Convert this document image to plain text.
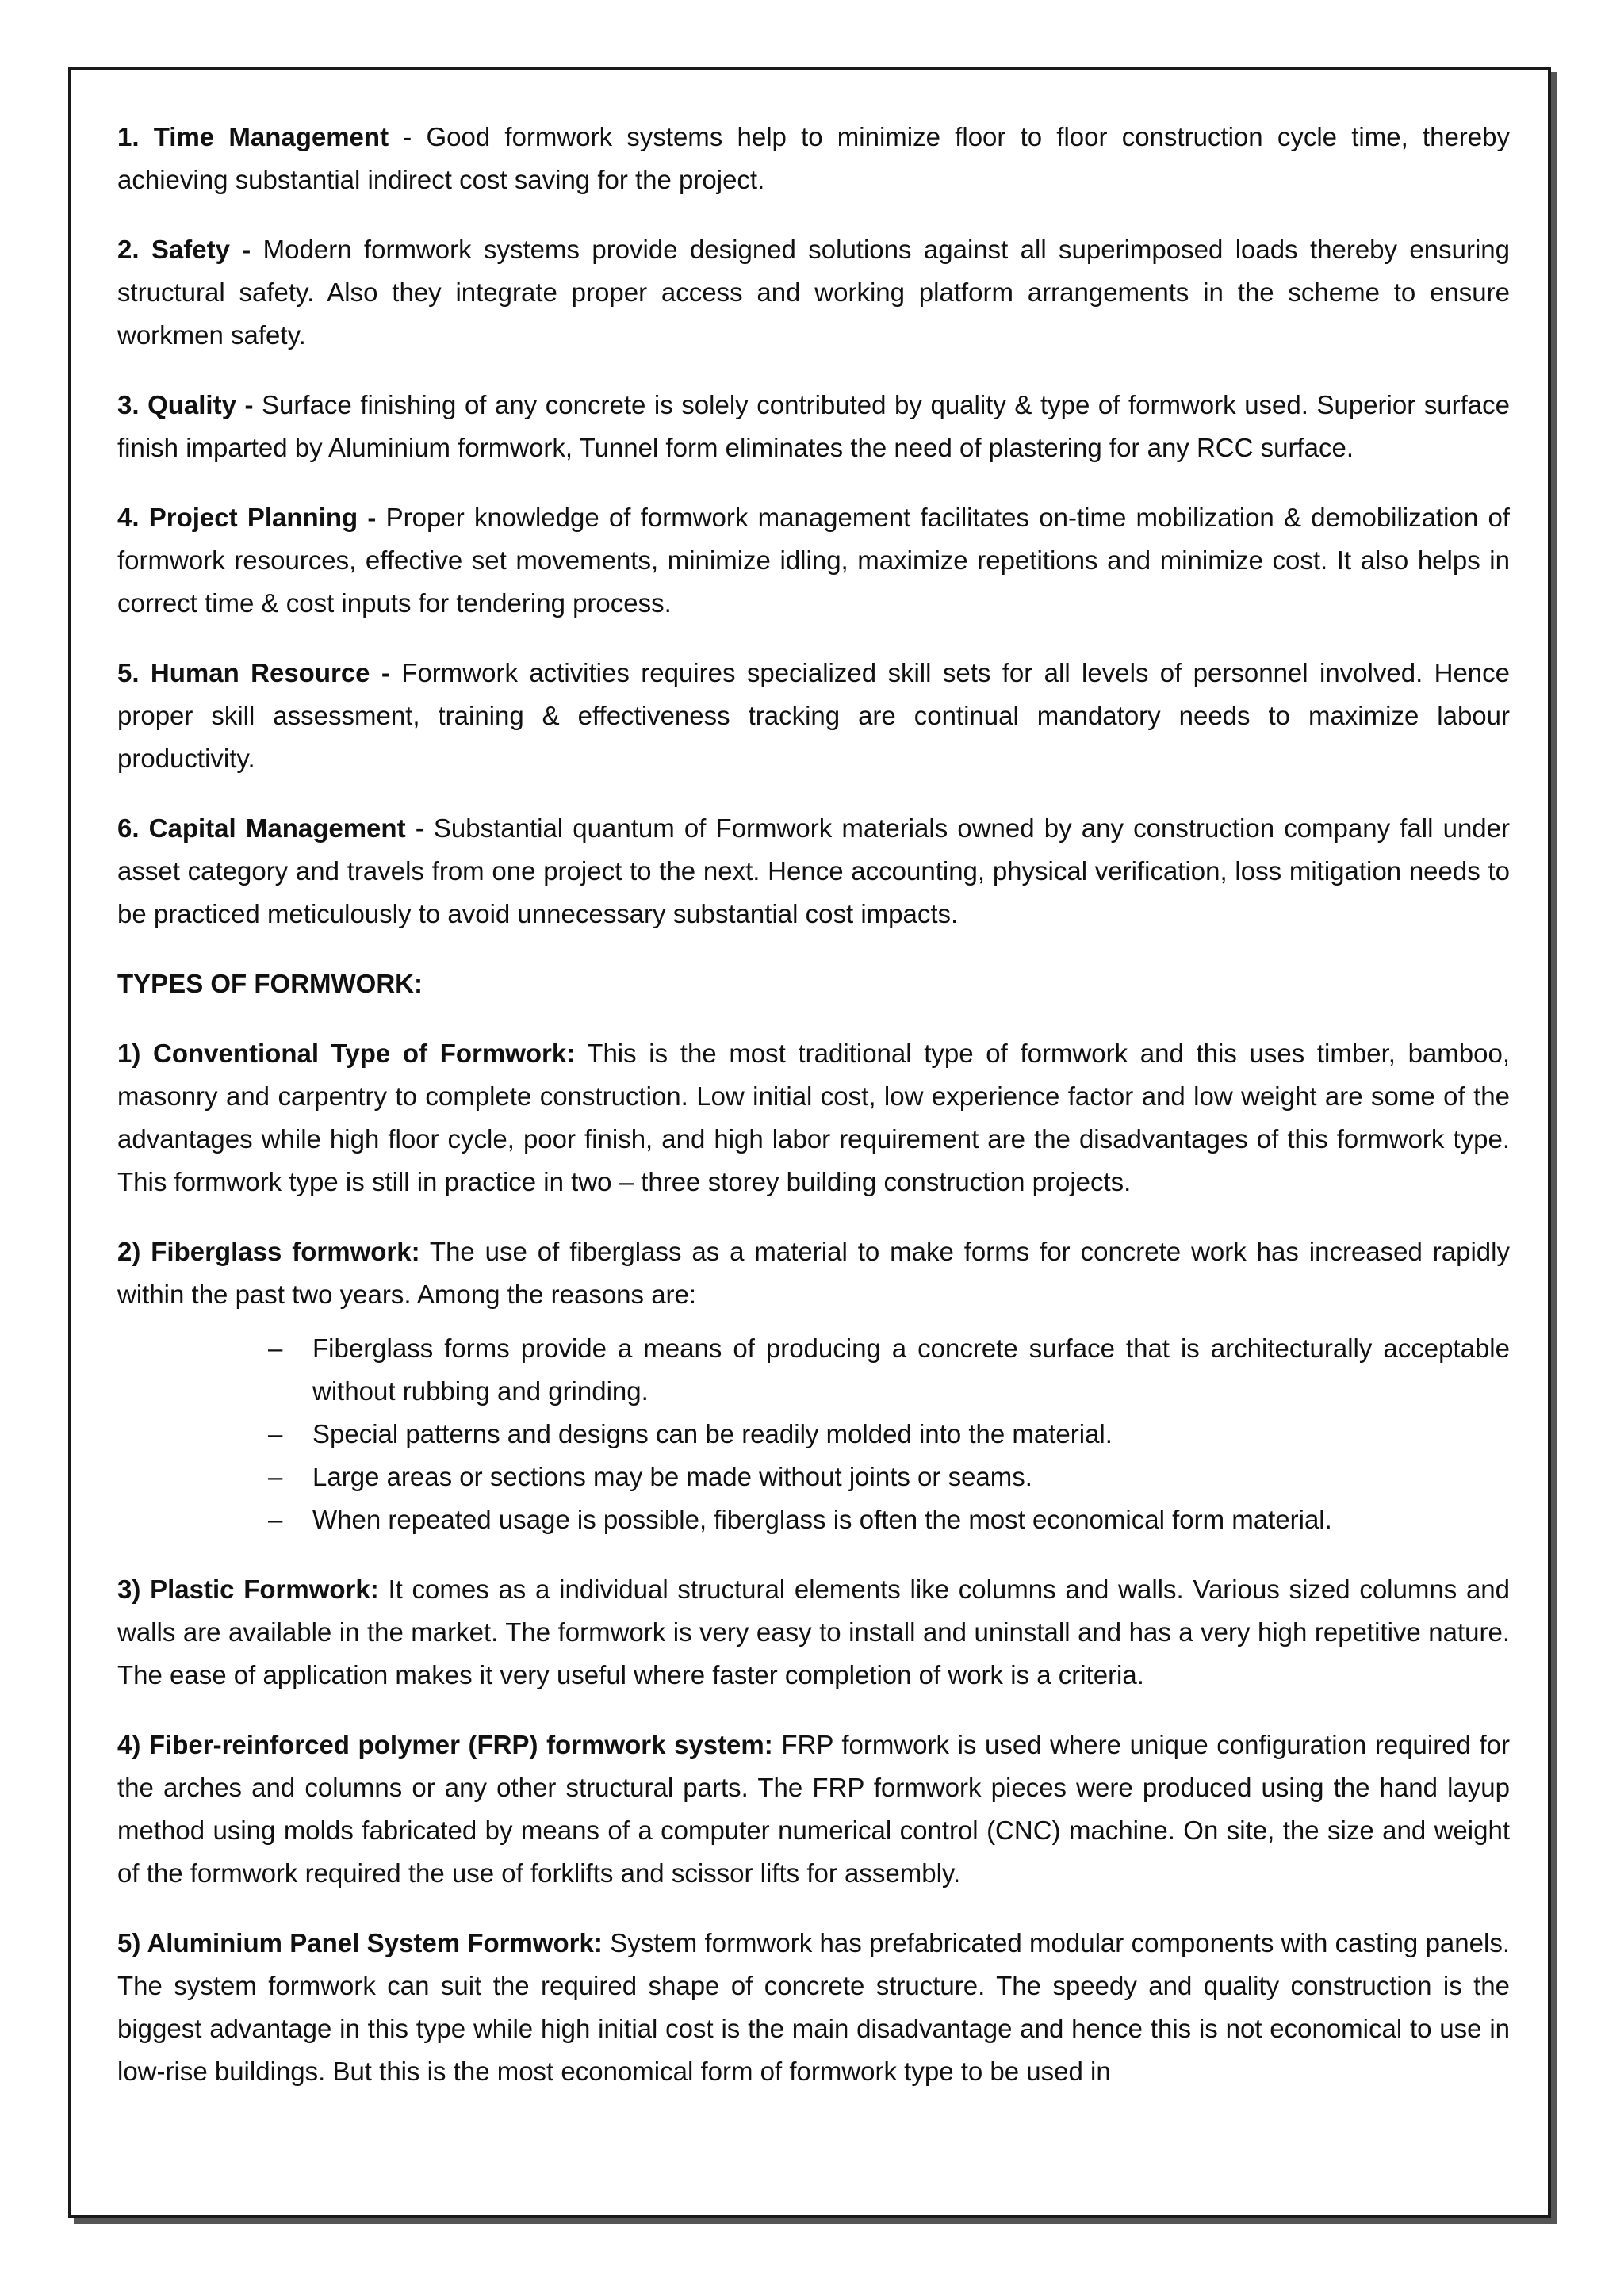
1. Time Management - Good formwork systems help to minimize floor to floor construction cycle time, thereby achieving substantial indirect cost saving for the project.

2. Safety - Modern formwork systems provide designed solutions against all superimposed loads thereby ensuring structural safety. Also they integrate proper access and working platform arrangements in the scheme to ensure workmen safety.

3. Quality - Surface finishing of any concrete is solely contributed by quality & type of formwork used. Superior surface finish imparted by Aluminium formwork, Tunnel form eliminates the need of plastering for any RCC surface.

4. Project Planning - Proper knowledge of formwork management facilitates on-time mobilization & demobilization of formwork resources, effective set movements, minimize idling, maximize repetitions and minimize cost. It also helps in correct time & cost inputs for tendering process.

5. Human Resource - Formwork activities requires specialized skill sets for all levels of personnel involved. Hence proper skill assessment, training & effectiveness tracking are continual mandatory needs to maximize labour productivity.

6. Capital Management - Substantial quantum of Formwork materials owned by any construction company fall under asset category and travels from one project to the next. Hence accounting, physical verification, loss mitigation needs to be practiced meticulously to avoid unnecessary substantial cost impacts.

TYPES OF FORMWORK:

1) Conventional Type of Formwork: This is the most traditional type of formwork and this uses timber, bamboo, masonry and carpentry to complete construction. Low initial cost, low experience factor and low weight are some of the advantages while high floor cycle, poor finish, and high labor requirement are the disadvantages of this formwork type. This formwork type is still in practice in two – three storey building construction projects.

2) Fiberglass formwork: The use of fiberglass as a material to make forms for concrete work has increased rapidly within the past two years. Among the reasons are:

– Fiberglass forms provide a means of producing a concrete surface that is architecturally acceptable without rubbing and grinding.
– Special patterns and designs can be readily molded into the material.
– Large areas or sections may be made without joints or seams.
– When repeated usage is possible, fiberglass is often the most economical form material.

3) Plastic Formwork: It comes as a individual structural elements like columns and walls. Various sized columns and walls are available in the market. The formwork is very easy to install and uninstall and has a very high repetitive nature. The ease of application makes it very useful where faster completion of work is a criteria.

4) Fiber-reinforced polymer (FRP) formwork system: FRP formwork is used where unique configuration required for the arches and columns or any other structural parts. The FRP formwork pieces were produced using the hand layup method using molds fabricated by means of a computer numerical control (CNC) machine. On site, the size and weight of the formwork required the use of forklifts and scissor lifts for assembly.

5) Aluminium Panel System Formwork: System formwork has prefabricated modular components with casting panels. The system formwork can suit the required shape of concrete structure. The speedy and quality construction is the biggest advantage in this type while high initial cost is the main disadvantage and hence this is not economical to use in low-rise buildings. But this is the most economical form of formwork type to be used in
